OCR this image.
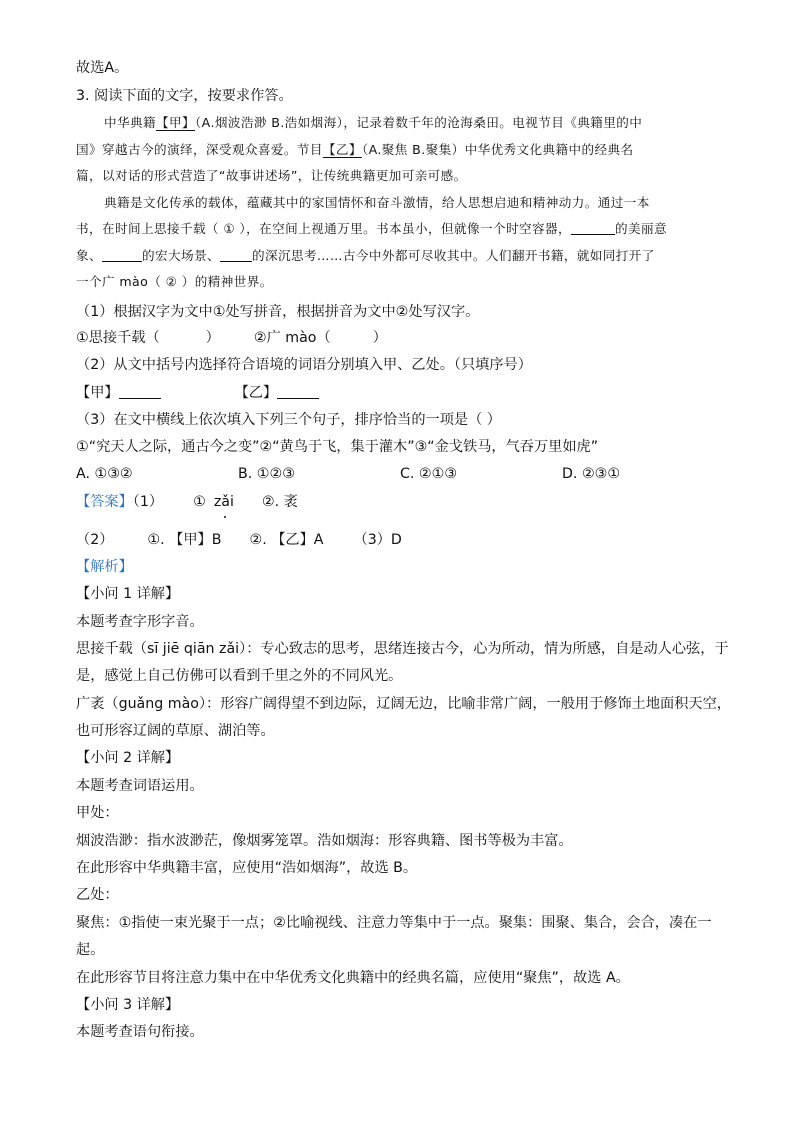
故选A。
3. 阅读下面的文字，按要求作答。
中华典籍【甲】（A.烟波浩渺 B.浩如烟海），记录着数千年的沧海桑田。电视节目《典籍里的中
国》穿越古今的演绎，深受观众喜爱。节目【乙】（A.聚焦 B.聚集）中华优秀文化典籍中的经典名
篇，以对话的形式营造了“故事讲述场”，让传统典籍更加可亲可感。
典籍是文化传承的载体，蕴藏其中的家国情怀和奋斗激情，给人思想启迪和精神动力。通过一本
书，在时间上思接千载（ ① ），在空间上视通万里。书本虽小，但就像一个时空容器，	的美丽意
象、	的宏大场景、	的深沉思考……古今中外都可尽收其中。人们翻开书籍，就如同打开了
一个广 mào（ ② ）的精神世界。
（1）根据汉字为文中①处写拼音，根据拼音为文中②处写汉字。
①思接千载（	） ②广 mào（	）
（2）从文中括号内选择符合语境的词语分别填入甲、乙处。（只填序号）
【甲】	【乙】
（3）在文中横线上依次填入下列三个句子，排序恰当的一项是（ ）
①“究天人之际，通古今之变”②“黄鸟于飞，集于灌木”③“金戈铁马，气吞万里如虎”
A. ①③②	B. ①②③	C. ②①③	D. ②③①
【答案】（1） ① zǎi ②. 袤
（2） ①. 【甲】B ②. 【乙】A （3）D
【解析】
【小问 1 详解】
本题考查字形字音。
思接千载（sī jiē qiān zǎi）：专心致志的思考，思绪连接古今，心为所动，情为所感，自是动人心弦，于
是，感觉上自己仿佛可以看到千里之外的不同风光。
广袤（guǎng mào）：形容广阔得望不到边际，辽阔无边，比喻非常广阔，一般用于修饰土地面积天空，
也可形容辽阔的草原、湖泊等。
【小问 2 详解】
本题考查词语运用。
甲处：
烟波浩渺：指水波渺茫，像烟雾笼罩。浩如烟海：形容典籍、图书等极为丰富。
在此形容中华典籍丰富，应使用“浩如烟海”，故选 B。
乙处：
聚焦：①指使一束光聚于一点；②比喻视线、注意力等集中于一点。聚集：围聚、集合，会合，凑在一
起。
在此形容节目将注意力集中在中华优秀文化典籍中的经典名篇，应使用“聚焦”，故选 A。
【小问 3 详解】
本题考查语句衔接。
